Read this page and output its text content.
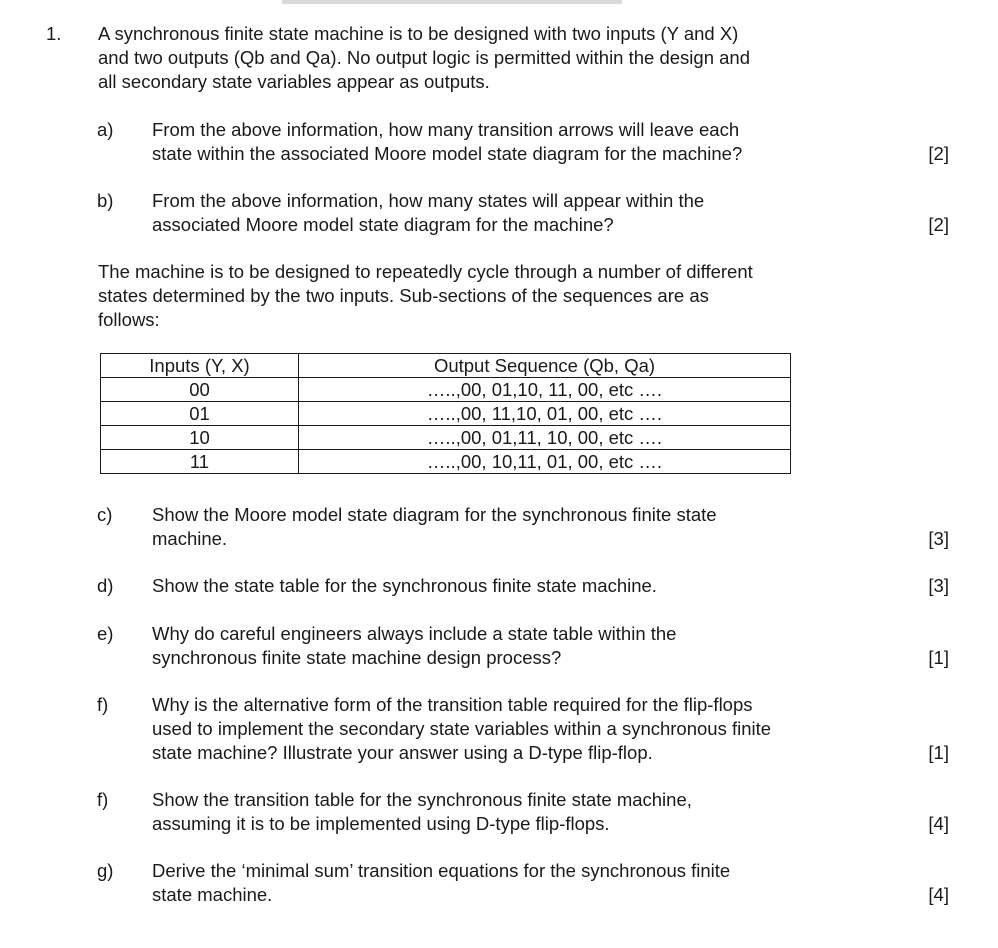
1. A synchronous finite state machine is to be designed with two inputs (Y and X)
and two outputs (Qb and Qa). No output logic is permitted within the design and
all secondary state variables appear as outputs.
a) From the above information, how many transition arrows will leave each
state within the associated Moore model state diagram for the machine?	[2]
b) From the above information, how many states will appear within the
associated Moore model state diagram for the machine?	[2]
The machine is to be designed to repeatedly cycle through a number of different
states determined by the two inputs. Sub-sections of the sequences are as
follows:
Inputs (Y, X)	Output Sequence (Qb, Qa)
00	…..,00, 01,10, 11, 00, etc ….
01	…..,00, 11,10, 01, 00, etc ….
10	…..,00, 01,11, 10, 00, etc ….
11	…..,00, 10,11, 01, 00, etc ….
c) Show the Moore model state diagram for the synchronous finite state
machine.	[3]
d) Show the state table for the synchronous finite state machine.	[3]
e) Why do careful engineers always include a state table within the
synchronous finite state machine design process?	[1]
f) Why is the alternative form of the transition table required for the flip-flops
used to implement the secondary state variables within a synchronous finite
state machine? Illustrate your answer using a D-type flip-flop.	[1]
f) Show the transition table for the synchronous finite state machine,
assuming it is to be implemented using D-type flip-flops.	[4]
g) Derive the ‘minimal sum’ transition equations for the synchronous finite
state machine.	[4]
